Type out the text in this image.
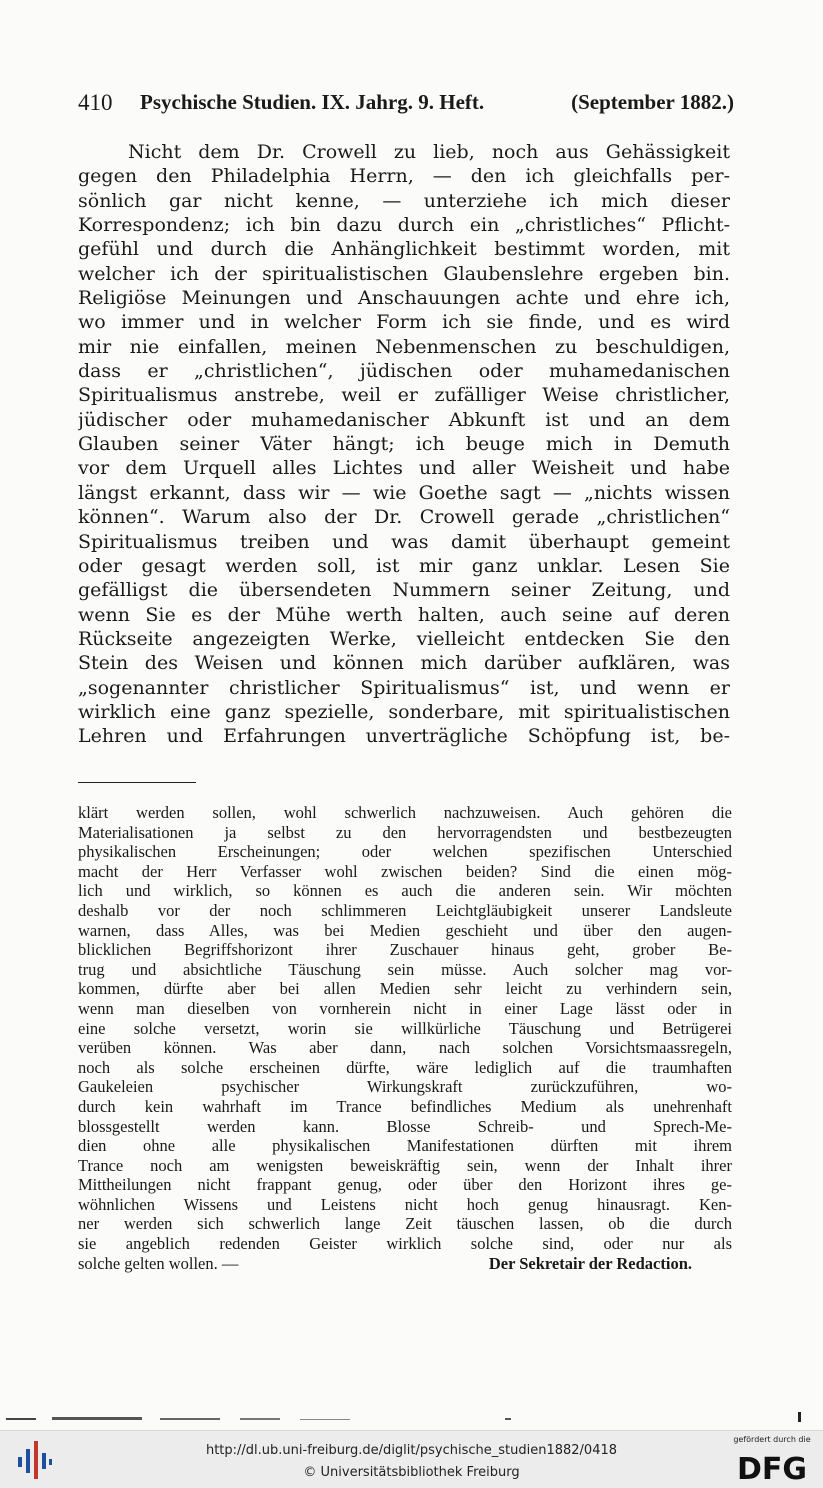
410	Psychische Studien. IX. Jahrg. 9. Heft.	(September 1882.)
Nicht dem Dr. Crowell zu lieb, noch aus Gehässigkeit
gegen den Philadelphia Herrn, — den ich gleichfalls per-
sönlich gar nicht kenne, — unterziehe ich mich dieser
Korrespondenz; ich bin dazu durch ein „christliches“ Pflicht-
gefühl und durch die Anhänglichkeit bestimmt worden, mit
welcher ich der spiritualistischen Glaubenslehre ergeben bin.
Religiöse Meinungen und Anschauungen achte und ehre ich,
wo immer und in welcher Form ich sie finde, und es wird
mir nie einfallen, meinen Nebenmenschen zu beschuldigen,
dass er „christlichen“, jüdischen oder muhamedanischen
Spiritualismus anstrebe, weil er zufälliger Weise christlicher,
jüdischer oder muhamedanischer Abkunft ist und an dem
Glauben seiner Väter hängt; ich beuge mich in Demuth
vor dem Urquell alles Lichtes und aller Weisheit und habe
längst erkannt, dass wir — wie Goethe sagt — „nichts wissen
können“. Warum also der Dr. Crowell gerade „christlichen“
Spiritualismus treiben und was damit überhaupt gemeint
oder gesagt werden soll, ist mir ganz unklar. Lesen Sie
gefälligst die übersendeten Nummern seiner Zeitung, und
wenn Sie es der Mühe werth halten, auch seine auf deren
Rückseite angezeigten Werke, vielleicht entdecken Sie den
Stein des Weisen und können mich darüber aufklären, was
„sogenannter christlicher Spiritualismus“ ist, und wenn er
wirklich eine ganz spezielle, sonderbare, mit spiritualistischen
Lehren und Erfahrungen unverträgliche Schöpfung ist, be-
klärt werden sollen, wohl schwerlich nachzuweisen. Auch gehören die
Materialisationen ja selbst zu den hervorragendsten und bestbezeugten
physikalischen Erscheinungen; oder welchen spezifischen Unterschied
macht der Herr Verfasser wohl zwischen beiden? Sind die einen mög-
lich und wirklich, so können es auch die anderen sein. Wir möchten
deshalb vor der noch schlimmeren Leichtgläubigkeit unserer Landsleute
warnen, dass Alles, was bei Medien geschieht und über den augen-
blicklichen Begriffshorizont ihrer Zuschauer hinaus geht, grober Be-
trug und absichtliche Täuschung sein müsse. Auch solcher mag vor-
kommen, dürfte aber bei allen Medien sehr leicht zu verhindern sein,
wenn man dieselben von vornherein nicht in einer Lage lässt oder in
eine solche versetzt, worin sie willkürliche Täuschung und Betrügerei
verüben können. Was aber dann, nach solchen Vorsichtsmaassregeln,
noch als solche erscheinen dürfte, wäre lediglich auf die traumhaften
Gaukeleien psychischer Wirkungskraft zurückzuführen, wo-
durch kein wahrhaft im Trance befindliches Medium als unehrenhaft
blossgestellt werden kann. Blosse Schreib- und Sprech-Me-
dien ohne alle physikalischen Manifestationen dürften mit ihrem
Trance noch am wenigsten beweiskräftig sein, wenn der Inhalt ihrer
Mittheilungen nicht frappant genug, oder über den Horizont ihres ge-
wöhnlichen Wissens und Leistens nicht hoch genug hinausragt. Ken-
ner werden sich schwerlich lange Zeit täuschen lassen, ob die durch
sie angeblich redenden Geister wirklich solche sind, oder nur als
solche gelten wollen. —	Der Sekretair der Redaction.
http://dl.ub.uni-freiburg.de/diglit/psychische_studien1882/0418
© Universitätsbibliothek Freiburg
gefördert durch die
DFG
